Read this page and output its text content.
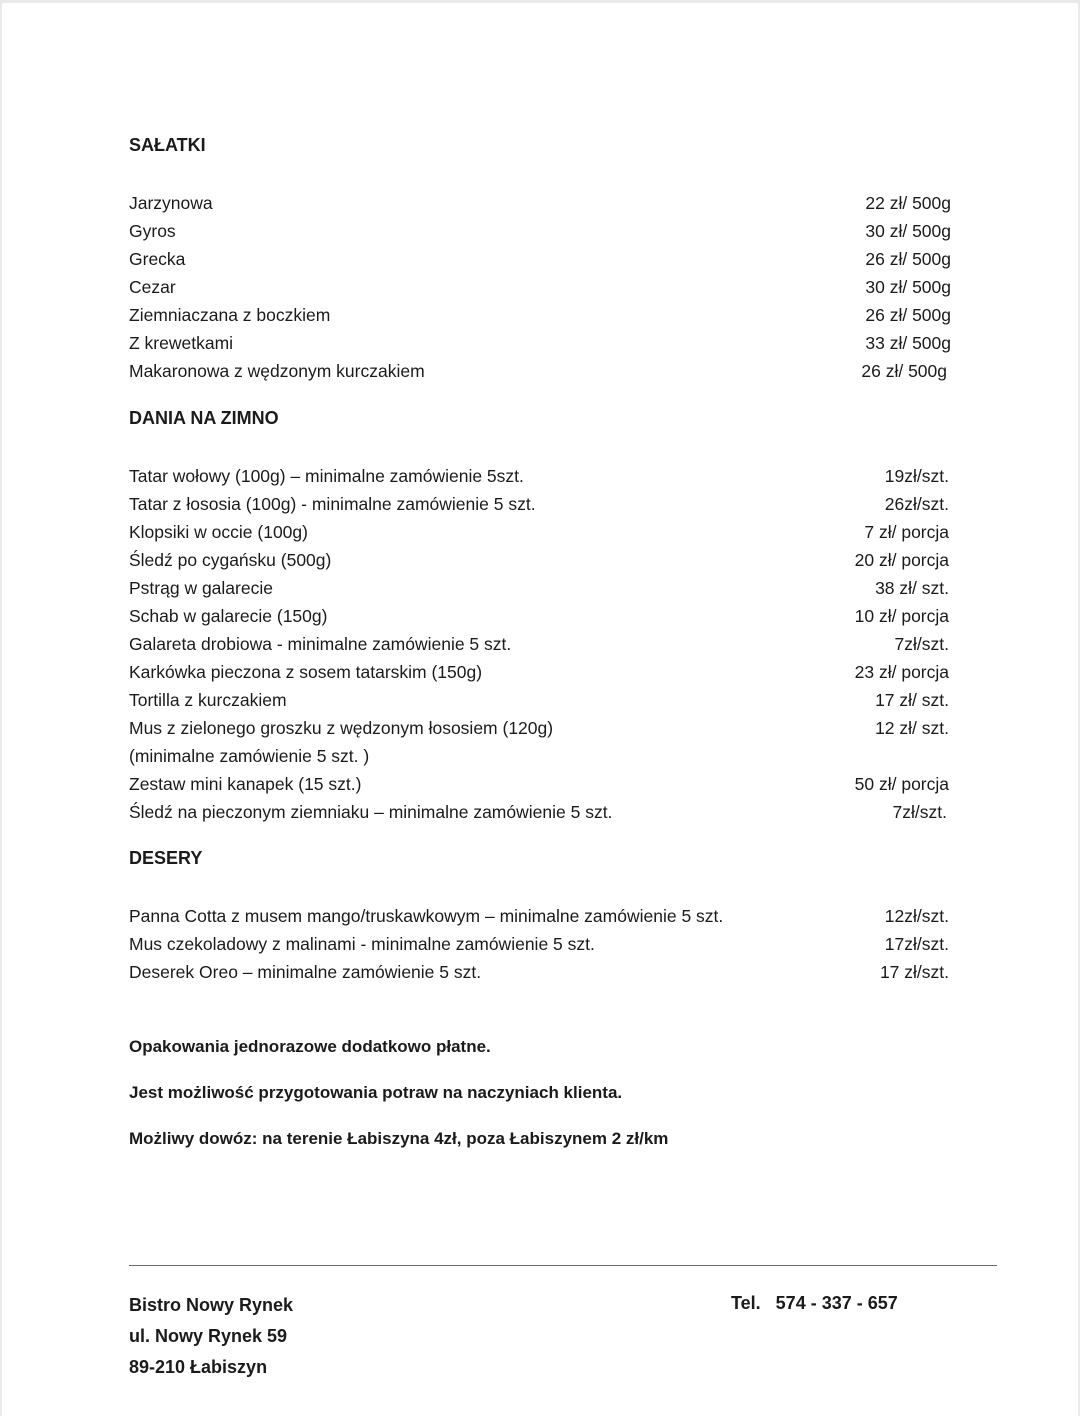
SAŁATKI
Jarzynowa	22 zł/ 500g
Gyros	30 zł/ 500g
Grecka	26 zł/ 500g
Cezar	30 zł/ 500g
Ziemniaczana z boczkiem	26 zł/ 500g
Z krewetkami	33 zł/ 500g
Makaronowa z wędzonym kurczakiem	26 zł/ 500g
DANIA NA ZIMNO
Tatar wołowy (100g) – minimalne zamówienie 5szt.	19zł/szt.
Tatar z łososia (100g) - minimalne zamówienie 5 szt.	26zł/szt.
Klopsiki w occie (100g)	7 zł/ porcja
Śledź po cygańsku (500g)	20 zł/ porcja
Pstrąg w galarecie	38 zł/ szt.
Schab w galarecie (150g)	10 zł/ porcja
Galareta drobiowa - minimalne zamówienie 5 szt.	7zł/szt.
Karkówka pieczona z sosem tatarskim (150g)	23 zł/ porcja
Tortilla z kurczakiem	17 zł/ szt.
Mus z zielonego groszku z wędzonym łososiem (120g)	12 zł/ szt.
(minimalne zamówienie 5 szt. )
Zestaw mini kanapek (15 szt.)	50 zł/ porcja
Śledź na pieczonym ziemniaku – minimalne zamówienie 5 szt.	7zł/szt.
DESERY
Panna Cotta z musem mango/truskawkowym – minimalne zamówienie 5 szt.	12zł/szt.
Mus czekoladowy z malinami - minimalne zamówienie 5 szt.	17zł/szt.
Deserek Oreo – minimalne zamówienie 5 szt.	17 zł/szt.
Opakowania jednorazowe dodatkowo płatne.
Jest możliwość przygotowania potraw na naczyniach klienta.
Możliwy dowóz: na terenie Łabiszyna 4zł, poza Łabiszynem 2 zł/km
Bistro Nowy Rynek
ul. Nowy Rynek 59
89-210 Łabiszyn
Tel.   574 - 337 - 657
